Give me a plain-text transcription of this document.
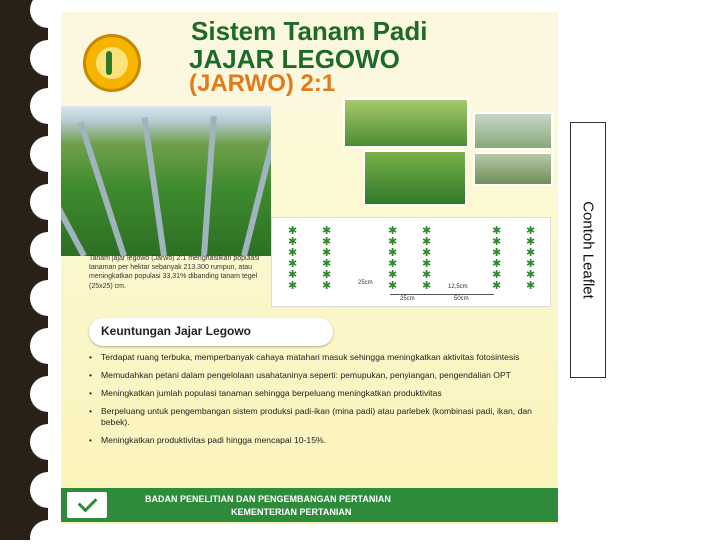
Sistem Tanam Padi
JAJAR LEGOWO
(JARWO) 2:1
Tanam jajar legowo (Jarwo) 2:1 menghasilkan populasi tanaman per hektar sebanyak 213.300 rumpun, atau meningkatkan populasi 33,31% dibanding tanam tegel (25x25) cm.
✱
✱
✱
✱
✱
✱
✱
✱
✱
✱
✱
✱
✱
✱
✱
✱
✱
✱
✱
✱
✱
✱
✱
✱
✱
✱
✱
✱
✱
✱
✱
✱
✱
✱
✱
✱
25cm
12,5cm
25cm	50cm
Keuntungan Jajar Legowo
• Terdapat ruang terbuka, memperbanyak cahaya matahari masuk sehingga meningkatkan aktivitas fotosintesis
• Memudahkan petani dalam pengelolaan usahataninya seperti: pemupukan, penyiangan, pengendalian OPT
• Meningkatkan jumlah populasi tanaman sehingga berpeluang meningkatkan produktivitas
• Berpeluang untuk pengembangan sistem produksi padi-ikan (mina padi) atau parlebek (kombinasi padi, ikan, dan bebek).
• Meningkatkan produktivitas padi hingga mencapai 10-15%.
BADAN PENELITIAN DAN PENGEMBANGAN PERTANIAN
KEMENTERIAN PERTANIAN
Contoh Leaflet
